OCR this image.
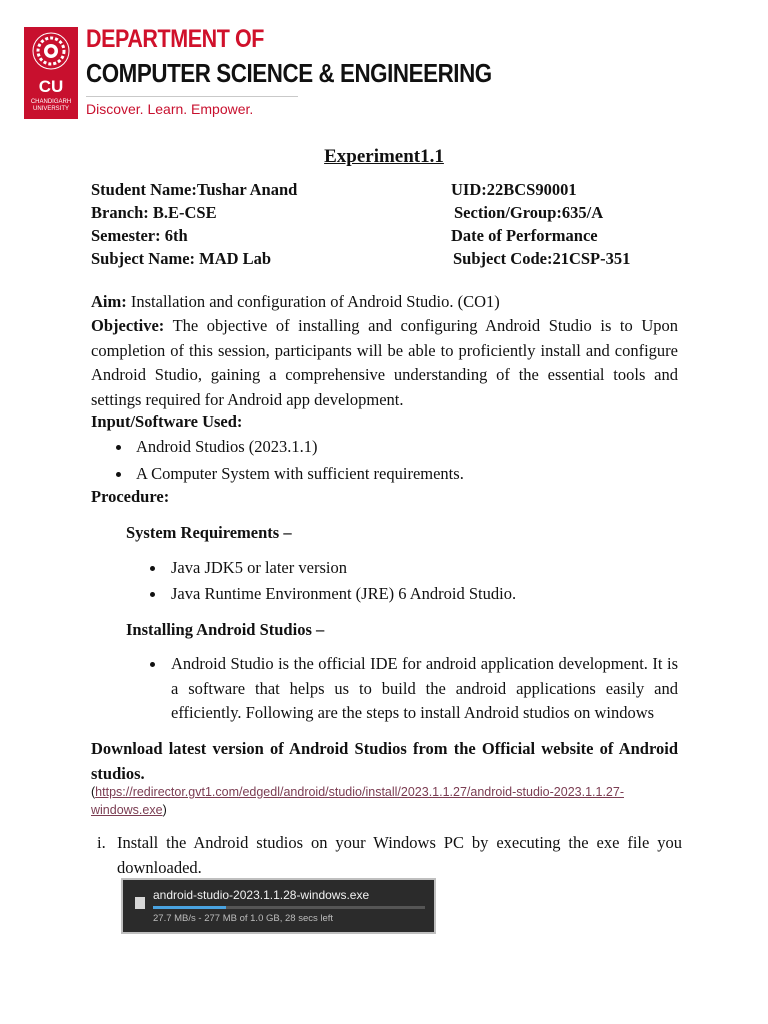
CU
CHANDIGARH UNIVERSITY
DEPARTMENT OF
COMPUTER SCIENCE & ENGINEERING
Discover. Learn. Empower.
Experiment1.1
Student Name:Tushar Anand
Branch: B.E-CSE
Semester: 6th
Subject Name: MAD Lab
UID:22BCS90001
Section/Group:635/A
Date of Performance
Subject Code:21CSP-351
Aim: Installation and configuration of Android Studio. (CO1)
Objective: The objective of installing and configuring Android Studio is to Upon completion of this session, participants will be able to proficiently install and configure Android Studio, gaining a comprehensive understanding of the essential tools and settings required for Android app development.
Input/Software Used:
Android Studios (2023.1.1)
A Computer System with sufficient requirements.
Procedure:
System Requirements –
Java JDK5 or later version
Java Runtime Environment (JRE) 6 Android Studio.
Installing Android Studios –
Android Studio is the official IDE for android application development. It is a software that helps us to build the android applications easily and efficiently. Following are the steps to install Android studios on windows
Download latest version of Android Studios from the Official website of Android studios.
(https://redirector.gvt1.com/edgedl/android/studio/install/2023.1.1.27/android-studio-2023.1.1.27-windows.exe)
i. Install the Android studios on your Windows PC by executing the exe file you downloaded.
android-studio-2023.1.1.28-windows.exe
27.7 MB/s - 277 MB of 1.0 GB, 28 secs left
